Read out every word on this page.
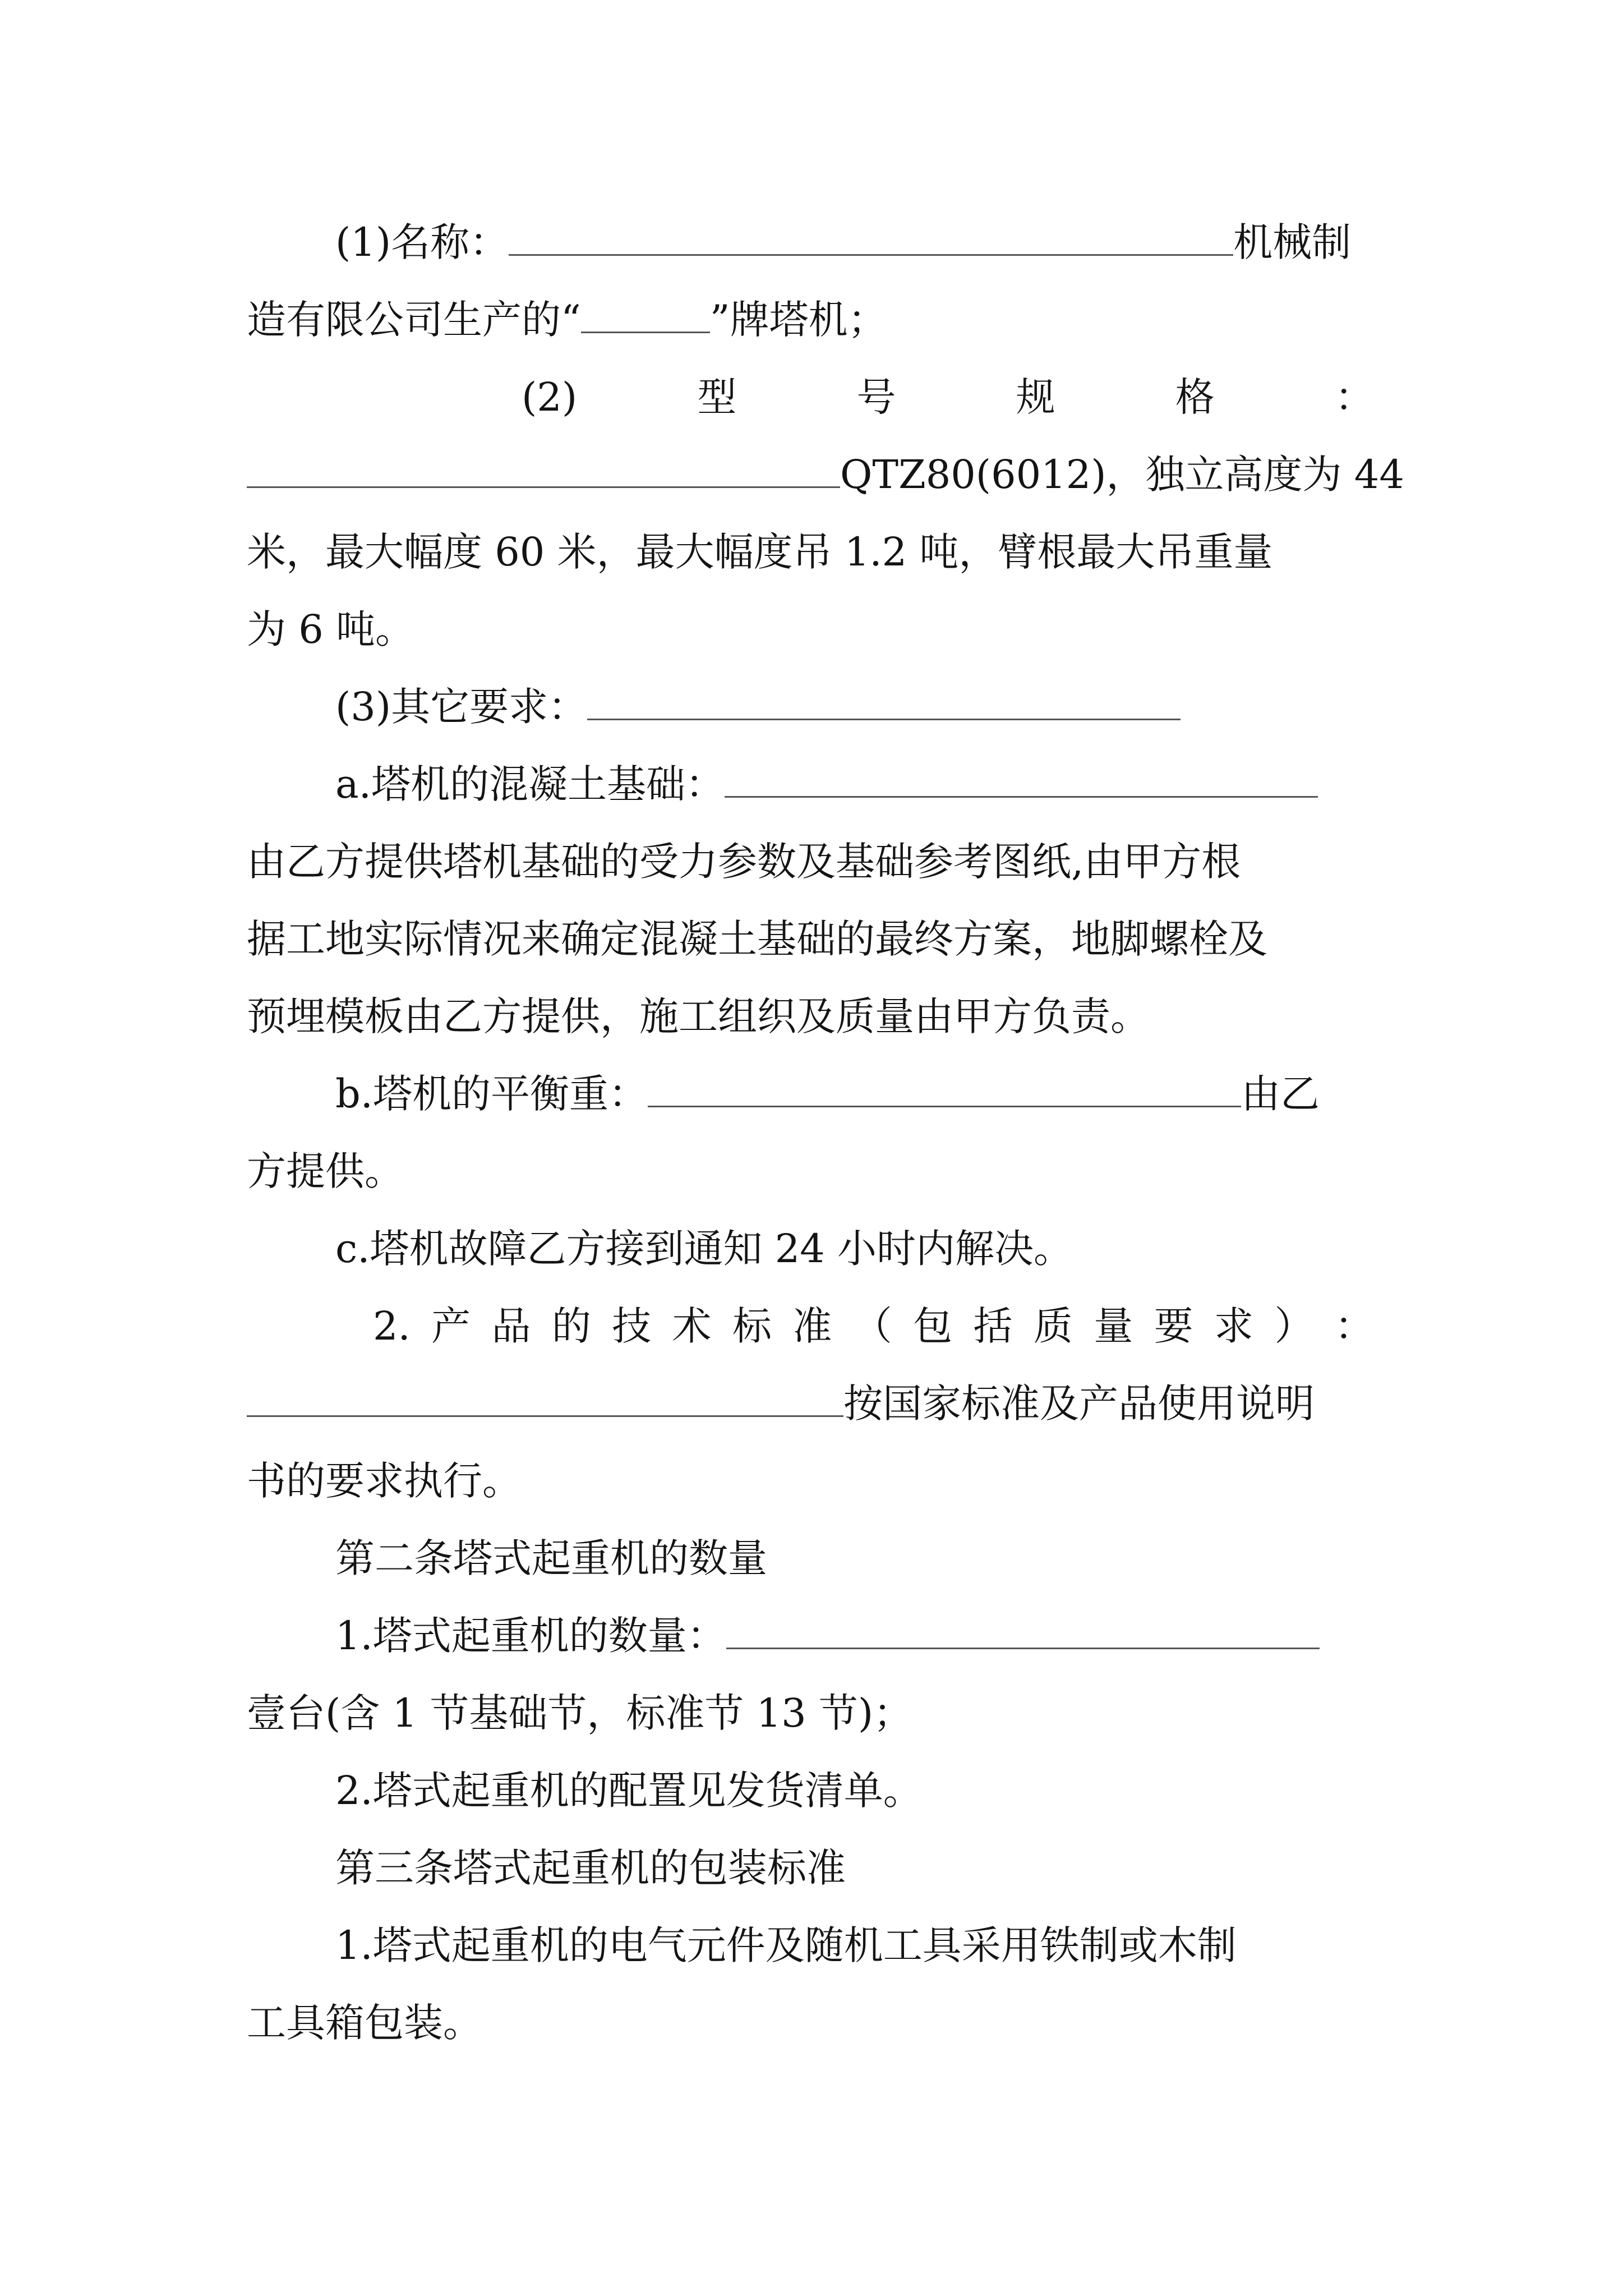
(1)名称：	机械制
造有限公司生产的“	”牌塔机；
(2)	型	号	规	格	：
QTZ80(6012)，独立高度为 44
米，最大幅度 60 米，最大幅度吊 1.2 吨，臂根最大吊重量
为 6 吨。
(3)其它要求：
a.塔机的混凝土基础：
由乙方提供塔机基础的受力参数及基础参考图纸,由甲方根
据工地实际情况来确定混凝土基础的最终方案，地脚螺栓及
预埋模板由乙方提供，施工组织及质量由甲方负责。
b.塔机的平衡重：	由乙
方提供。
c.塔机故障乙方接到通知 24 小时内解决。
2. 产 品 的 技 术 标 准 （ 包 括 质 量 要 求 ） ：
按国家标准及产品使用说明
书的要求执行。
第二条塔式起重机的数量
1.塔式起重机的数量：
壹台(含 1 节基础节，标准节 13 节)；
2.塔式起重机的配置见发货清单。
第三条塔式起重机的包装标准
1.塔式起重机的电气元件及随机工具采用铁制或木制
工具箱包装。
